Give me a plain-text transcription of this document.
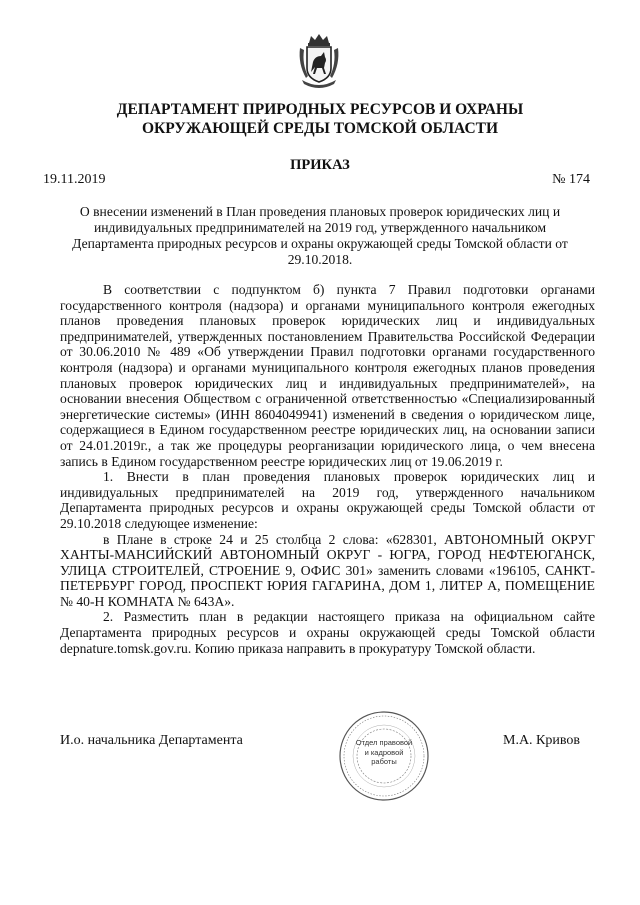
ДЕПАРТАМЕНТ ПРИРОДНЫХ РЕСУРСОВ И ОХРАНЫ
ОКРУЖАЮЩЕЙ СРЕДЫ ТОМСКОЙ ОБЛАСТИ
ПРИКАЗ
19.11.2019	№ 174
О внесении изменений в План проведения плановых проверок юридических лиц и индивидуальных предпринимателей на 2019 год, утвержденного начальником Департамента природных ресурсов и охраны окружающей среды Томской области от 29.10.2018.

В соответствии с подпунктом б) пункта 7 Правил подготовки органами государственного контроля (надзора) и органами муниципального контроля ежегодных планов проведения плановых проверок юридических лиц и индивидуальных предпринимателей, утвержденных постановлением Правительства Российской Федерации от 30.06.2010 № 489 «Об утверждении Правил подготовки органами государственного контроля (надзора) и органами муниципального контроля ежегодных планов проведения плановых проверок юридических лиц и индивидуальных предпринимателей», на основании внесения Обществом с ограниченной ответственностью «Специализированный энергетические системы» (ИНН 8604049941) изменений в сведения о юридическом лице, содержащиеся в Едином государственном реестре юридических лиц, на основании записи от 24.01.2019г., а так же процедуры реорганизации юридического лица, о чем внесена запись в Едином государственном реестре юридических лиц от 19.06.2019 г.

1. Внести в план проведения плановых проверок юридических лиц и индивидуальных предпринимателей на 2019 год, утвержденного начальником Департамента природных ресурсов и охраны окружающей среды Томской области от 29.10.2018 следующее изменение:

в Плане в строке 24 и 25 столбца 2 слова: «628301, АВТОНОМНЫЙ ОКРУГ ХАНТЫ-МАНСИЙСКИЙ АВТОНОМНЫЙ ОКРУГ - ЮГРА, ГОРОД НЕФТЕЮГАНСК, УЛИЦА СТРОИТЕЛЕЙ, СТРОЕНИЕ 9, ОФИС 301» заменить словами «196105, САНКТ-ПЕТЕРБУРГ ГОРОД, ПРОСПЕКТ ЮРИЯ ГАГАРИНА, ДОМ 1, ЛИТЕР А, ПОМЕЩЕНИЕ № 40-Н КОМНАТА № 643А».

2. Разместить план в редакции настоящего приказа на официальном сайте Департамента природных ресурсов и охраны окружающей среды Томской области depnature.tomsk.gov.ru. Копию приказа направить в прокуратуру Томской области.

И.о. начальника Департамента	М.А. Кривов
Отдел правовой
и кадровой
работы
